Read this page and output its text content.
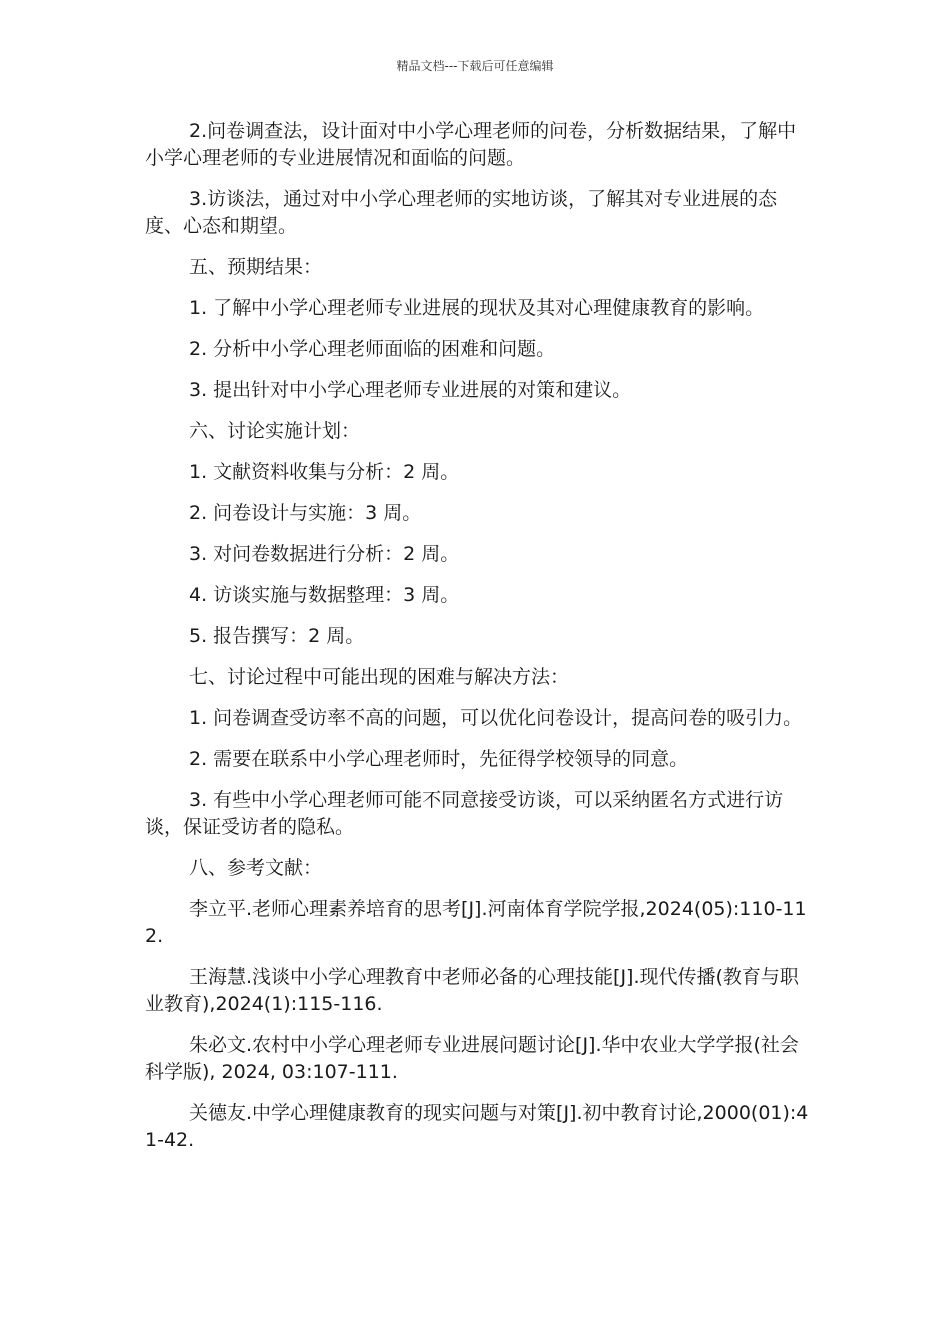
精品文档---下载后可任意编辑

2.问卷调查法，设计面对中小学心理老师的问卷，分析数据结果，了解中小学心理老师的专业进展情况和面临的问题。

3.访谈法，通过对中小学心理老师的实地访谈，了解其对专业进展的态度、心态和期望。

五、预期结果：

1. 了解中小学心理老师专业进展的现状及其对心理健康教育的影响。

2. 分析中小学心理老师面临的困难和问题。

3. 提出针对中小学心理老师专业进展的对策和建议。

六、讨论实施计划：

1. 文献资料收集与分析：2 周。

2. 问卷设计与实施：3 周。

3. 对问卷数据进行分析：2 周。

4. 访谈实施与数据整理：3 周。

5. 报告撰写：2 周。

七、讨论过程中可能出现的困难与解决方法：

1. 问卷调查受访率不高的问题，可以优化问卷设计，提高问卷的吸引力。

2. 需要在联系中小学心理老师时，先征得学校领导的同意。

3. 有些中小学心理老师可能不同意接受访谈，可以采纳匿名方式进行访谈，保证受访者的隐私。

八、参考文献：

李立平.老师心理素养培育的思考[J].河南体育学院学报,2024(05):110-112.

王海慧.浅谈中小学心理教育中老师必备的心理技能[J].现代传播(教育与职业教育),2024(1):115-116.

朱必文.农村中小学心理老师专业进展问题讨论[J].华中农业大学学报(社会科学版), 2024, 03:107-111.

关德友.中学心理健康教育的现实问题与对策[J].初中教育讨论,2000(01):41-42.
